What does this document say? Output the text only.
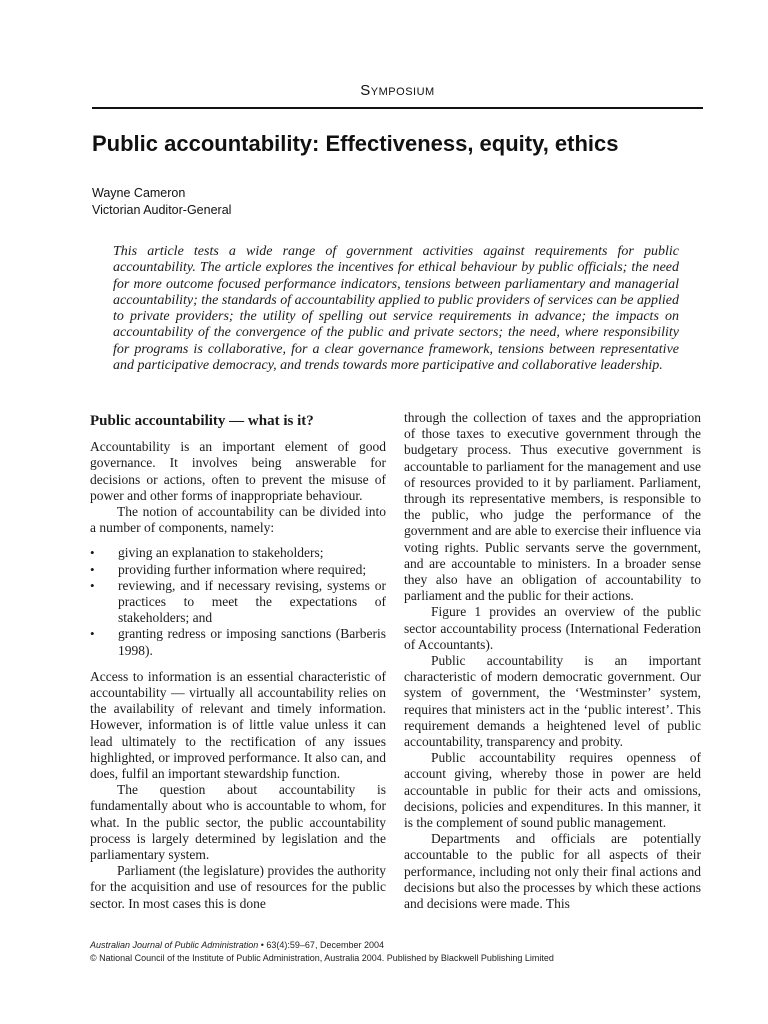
Symposium
Public accountability: Effectiveness, equity, ethics
Wayne Cameron
Victorian Auditor-General

This article tests a wide range of government activities against requirements for public accountability. The article explores the incentives for ethical behaviour by public officials; the need for more outcome focused performance indicators, tensions between parliamentary and managerial accountability; the standards of accountability applied to public providers of services can be applied to private providers; the utility of spelling out service requirements in advance; the impacts on accountability of the convergence of the public and private sectors; the need, where responsibility for programs is collaborative, for a clear governance framework, tensions between representative and participative democracy, and trends towards more participative and collaborative leadership.

Public accountability — what is it?

Accountability is an important element of good governance. It involves being answerable for decisions or actions, often to prevent the misuse of power and other forms of inappropriate behaviour.

The notion of accountability can be divided into a number of components, namely:

• giving an explanation to stakeholders;
• providing further information where required;
• reviewing, and if necessary revising, systems or practices to meet the expectations of stakeholders; and
• granting redress or imposing sanctions (Barberis 1998).

Access to information is an essential characteristic of accountability — virtually all accountability relies on the availability of relevant and timely information. However, information is of little value unless it can lead ultimately to the rectification of any issues highlighted, or improved performance. It also can, and does, fulfil an important stewardship function.

The question about accountability is fundamentally about who is accountable to whom, for what. In the public sector, the public accountability process is largely determined by legislation and the parliamentary system.

Parliament (the legislature) provides the authority for the acquisition and use of resources for the public sector. In most cases this is done

through the collection of taxes and the appropriation of those taxes to executive government through the budgetary process. Thus executive government is accountable to parliament for the management and use of resources provided to it by parliament. Parliament, through its representative members, is responsible to the public, who judge the performance of the government and are able to exercise their influence via voting rights. Public servants serve the government, and are accountable to ministers. In a broader sense they also have an obligation of accountability to parliament and the public for their actions.

Figure 1 provides an overview of the public sector accountability process (International Federation of Accountants).

Public accountability is an important characteristic of modern democratic government. Our system of government, the ‘Westminster’ system, requires that ministers act in the ‘public interest’. This requirement demands a heightened level of public accountability, transparency and probity.

Public accountability requires openness of account giving, whereby those in power are held accountable in public for their acts and omissions, decisions, policies and expenditures. In this manner, it is the complement of sound public management.

Departments and officials are potentially accountable to the public for all aspects of their performance, including not only their final actions and decisions but also the processes by which these actions and decisions were made. This

Australian Journal of Public Administration • 63(4):59–67, December 2004
© National Council of the Institute of Public Administration, Australia 2004. Published by Blackwell Publishing Limited
